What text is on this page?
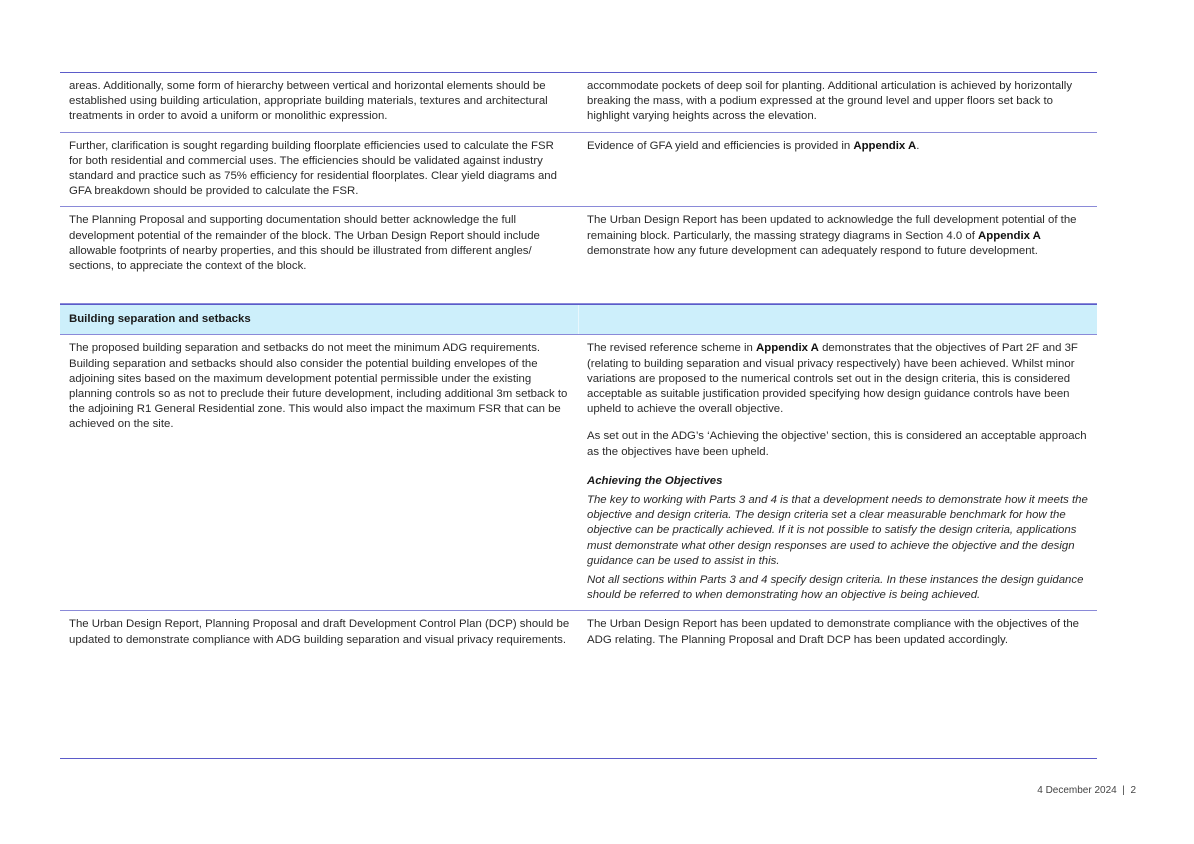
areas. Additionally, some form of hierarchy between vertical and horizontal elements should be established using building articulation, appropriate building materials, textures and architectural treatments in order to avoid a uniform or monolithic expression.

accommodate pockets of deep soil for planting. Additional articulation is achieved by horizontally breaking the mass, with a podium expressed at the ground level and upper floors set back to highlight varying heights across the elevation.

Further, clarification is sought regarding building floorplate efficiencies used to calculate the FSR for both residential and commercial uses. The efficiencies should be validated against industry standard and practice such as 75% efficiency for residential floorplates. Clear yield diagrams and GFA breakdown should be provided to calculate the FSR.

Evidence of GFA yield and efficiencies is provided in Appendix A.

The Planning Proposal and supporting documentation should better acknowledge the full development potential of the remainder of the block. The Urban Design Report should include allowable footprints of nearby properties, and this should be illustrated from different angles/ sections, to appreciate the context of the block.

The Urban Design Report has been updated to acknowledge the full development potential of the remaining block. Particularly, the massing strategy diagrams in Section 4.0 of Appendix A demonstrate how any future development can adequately respond to future development.

Building separation and setbacks

The proposed building separation and setbacks do not meet the minimum ADG requirements. Building separation and setbacks should also consider the potential building envelopes of the adjoining sites based on the maximum development potential permissible under the existing planning controls so as not to preclude their future development, including additional 3m setback to the adjoining R1 General Residential zone. This would also impact the maximum FSR that can be achieved on the site.

The revised reference scheme in Appendix A demonstrates that the objectives of Part 2F and 3F (relating to building separation and visual privacy respectively) have been achieved. Whilst minor variations are proposed to the numerical controls set out in the design criteria, this is considered acceptable as suitable justification provided specifying how design guidance controls have been upheld to achieve the overall objective.

As set out in the ADG’s ‘Achieving the objective’ section, this is considered an acceptable approach as the objectives have been upheld.

Achieving the Objectives

The key to working with Parts 3 and 4 is that a development needs to demonstrate how it meets the objective and design criteria. The design criteria set a clear measurable benchmark for how the objective can be practically achieved. If it is not possible to satisfy the design criteria, applications must demonstrate what other design responses are used to achieve the objective and the design guidance can be used to assist in this.

Not all sections within Parts 3 and 4 specify design criteria. In these instances the design guidance should be referred to when demonstrating how an objective is being achieved.

The Urban Design Report, Planning Proposal and draft Development Control Plan (DCP) should be updated to demonstrate compliance with ADG building separation and visual privacy requirements.

The Urban Design Report has been updated to demonstrate compliance with the objectives of the ADG relating. The Planning Proposal and Draft DCP has been updated accordingly.

4 December 2024  |  2
